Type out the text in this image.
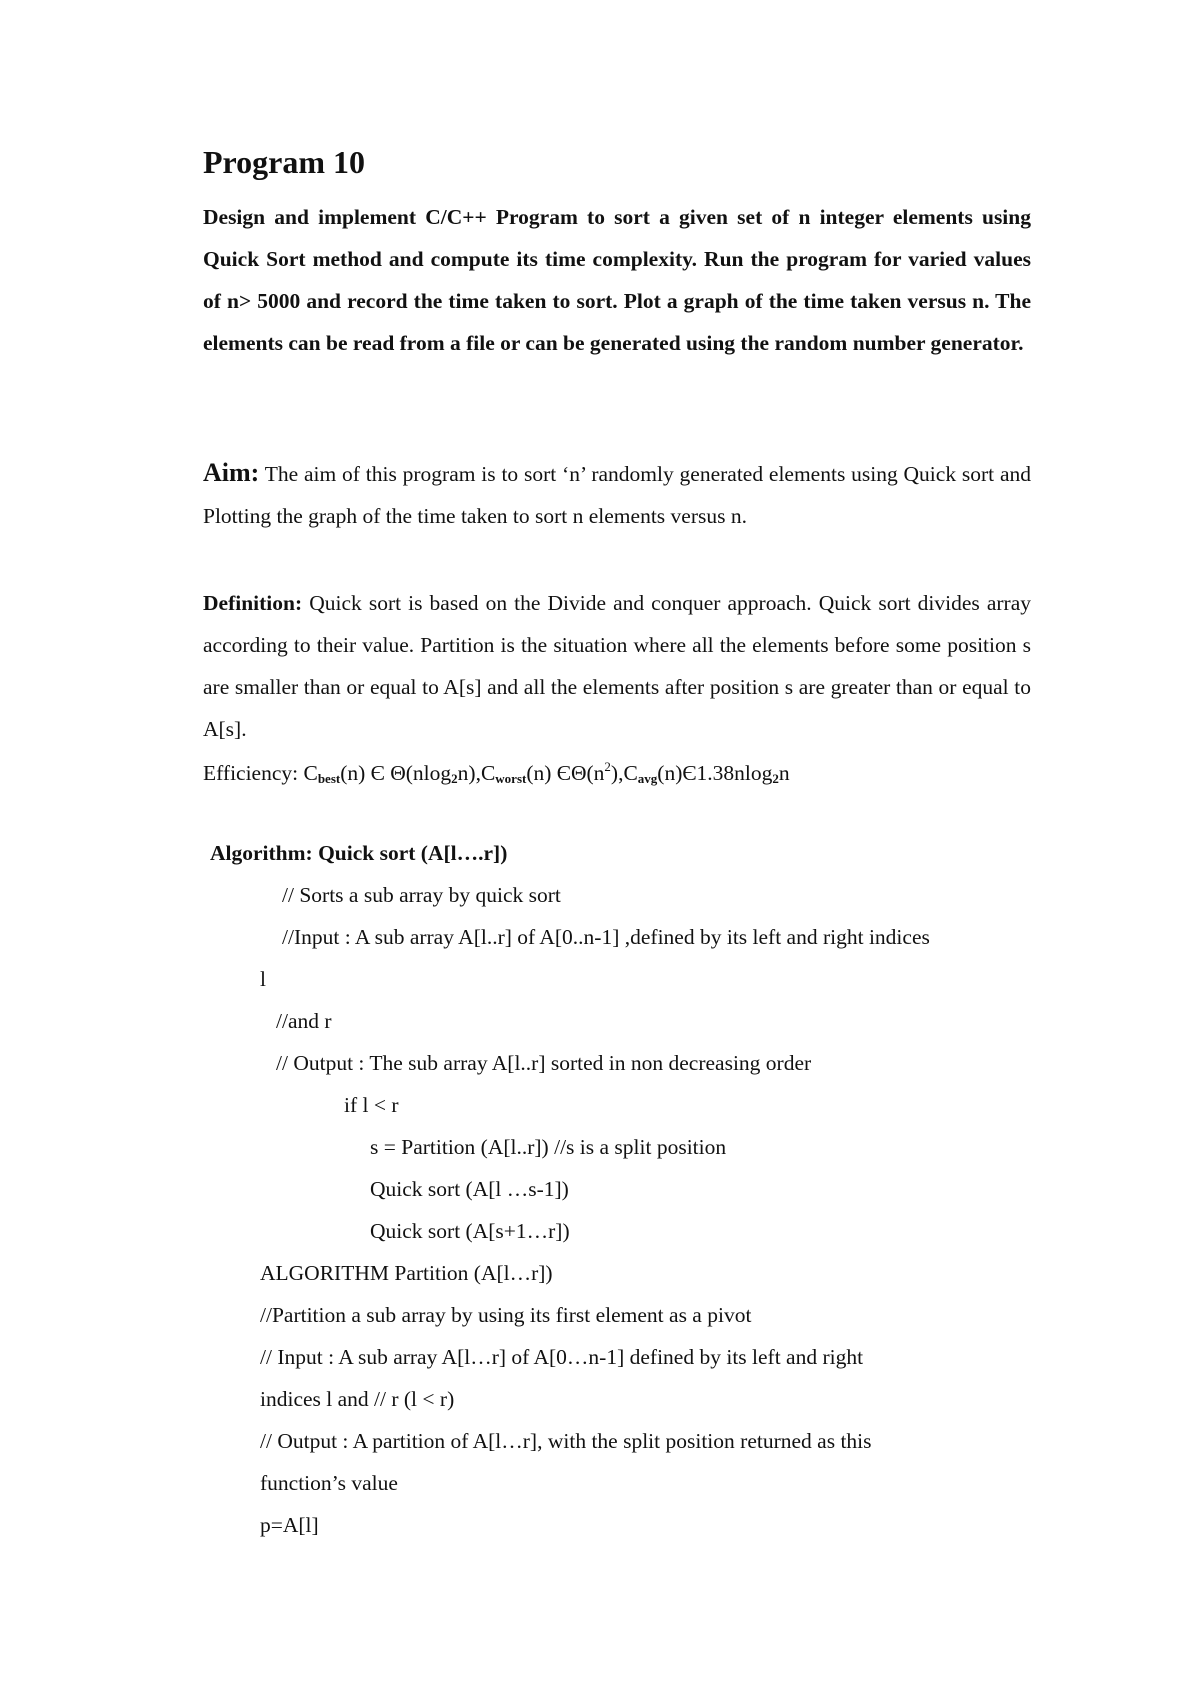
Program 10

Design and implement C/C++ Program to sort a given set of n integer elements using Quick Sort method and compute its time complexity. Run the program for varied values of n> 5000 and record the time taken to sort. Plot a graph of the time taken versus n. The elements can be read from a file or can be generated using the random number generator.

Aim: The aim of this program is to sort ‘n’ randomly generated elements using Quick sort and Plotting the graph of the time taken to sort n elements versus n.

Definition: Quick sort is based on the Divide and conquer approach. Quick sort divides array according to their value. Partition is the situation where all the elements before some position s are smaller than or equal to A[s] and all the elements after position s are greater than or equal to A[s].

Efficiency: $C_{best}(n)$ Є $\Theta(nlog_2n),C_{worst}(n)$ $Є\Theta(n^2),C_{avg}(n)Є1.38nlog_2n$

Algorithm: Quick sort (A[l….r])

// Sorts a sub array by quick sort

//Input : A sub array A[l..r] of A[0..n-1] ,defined by its left and right indices

l

//and r

// Output : The sub array A[l..r] sorted in non decreasing order

if l < r

s = Partition (A[l..r]) //s is a split position

Quick sort (A[l …s-1])

Quick sort (A[s+1…r])

ALGORITHM Partition (A[l…r])

//Partition a sub array by using its first element as a pivot

// Input : A sub array A[l…r] of A[0…n-1] defined by its left and right

indices l and // r (l < r)

// Output : A partition of A[l…r], with the split position returned as this

function’s value

p=A[l]
